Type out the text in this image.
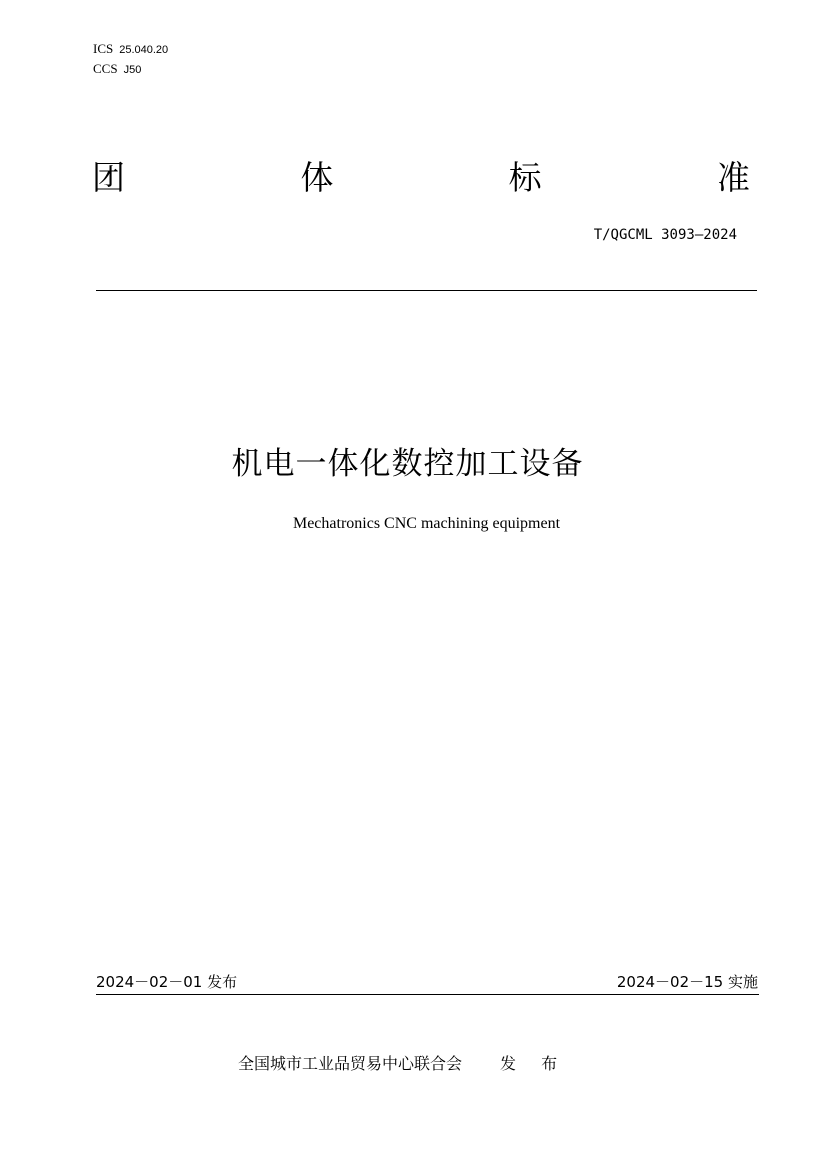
ICS 25.040.20
CCS J50
团	体	标	准
T/QGCML 3093—2024
机电一体化数控加工设备
Mechatronics CNC machining equipment
2024－02－01 发布	2024－02－15 实施
全国城市工业品贸易中心联合会 发 布
